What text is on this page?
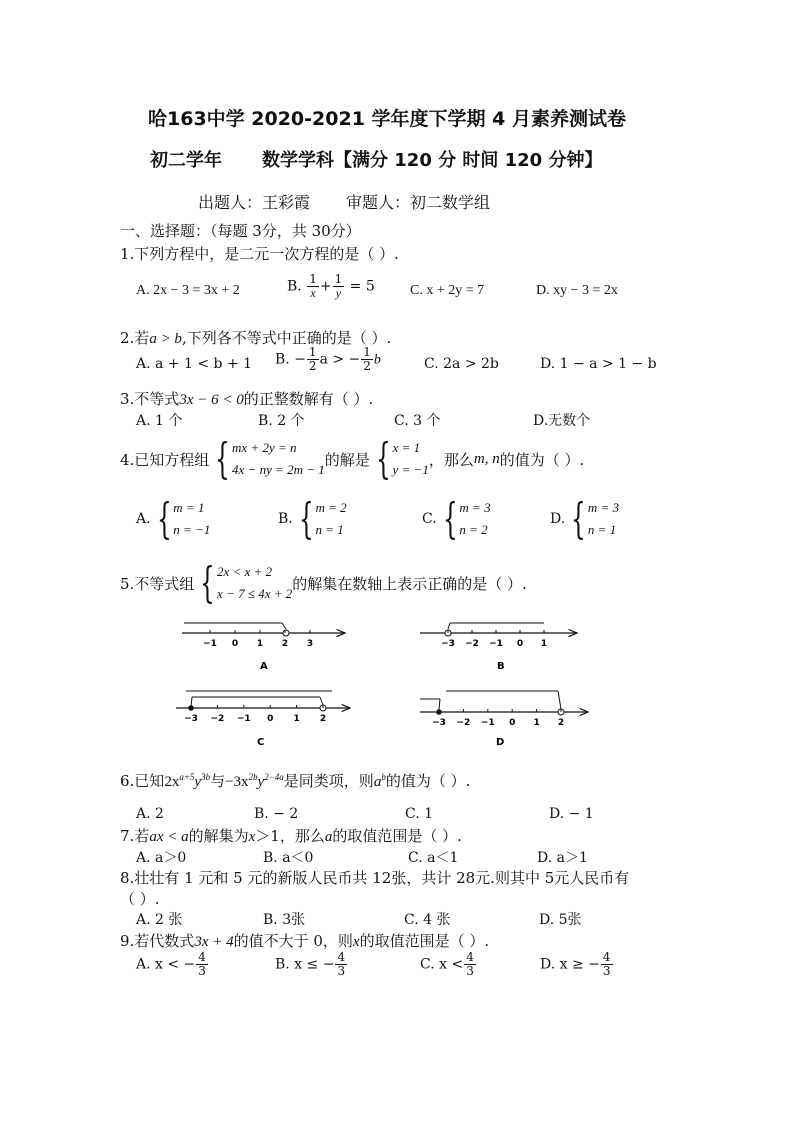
哈163中学 2020-2021 学年度下学期 4 月素养测试卷
初二学年 数学学科【满分 120 分 时间 120 分钟】
出题人：王彩霞 审题人：初二数学组
一、选择题：（每题 3分，共 30分）
1.下列方程中，是二元一次方程的是（ ）.
A. 2x − 3 = 3x + 2	B. $\frac{1}{x} + \frac{1}{y} = 5$	C. x + 2y = 7	D. xy − 3 = 2x
2.若a > b,下列各不等式中正确的是（ ）.
A. a + 1 < b + 1 B. − $\frac{1}{2}$ a > − $\frac{1}{2}$ b	C. 2a > 2b	D. 1 − a > 1 − b
3.不等式3x − 6 < 0的正整数解有（ ）.
A. 1 个	B. 2 个	C. 3 个	D.无数个
4.已知方程组 { mx + 2y = n
4x − ny = 2m − 1
的解是 { x = 1
y = −1
，那么 m, n 的值为（ ）.
A. { m = 1
n = −1
B. { m = 2
n = 1
C. { m = 3
n = 2
D. { m = 3
n = 1
5.不等式组 { 2x < x + 2
x − 7 ≤ 4x + 2
的解集在数轴上表示正确的是（ ）.
−1 0 1 2 3
A
−3 −2 −1 0 1
B
−3 −2 −1 0 1 2
C
−3 −2 −1 0 1 2
D
6.已知$2x^{a+5}y^{3b}$与$-3x^{2b}y^{2-4a}$是同类项，则$a^b$的值为（ ）.
A. 2	B. − 2	C. 1	D. − 1
7.若ax < a的解集为x＞1，那么a的取值范围是（ ）.
A. a＞0	B. a＜0	C. a＜1	D. a＞1
8.壮壮有 1 元和 5 元的新版人民币共 12张，共计 28元.则其中 5元人民币有
（ ）.
A. 2 张	B. 3张	C. 4 张	D. 5张
9.若代数式3x + 4的值不大于 0，则x的取值范围是（ ）.
A. x < − $\frac{4}{3}$	B. x ≤ − $\frac{4}{3}$	C. $x < \frac{4}{3}$	D. x ≥ − $\frac{4}{3}$
